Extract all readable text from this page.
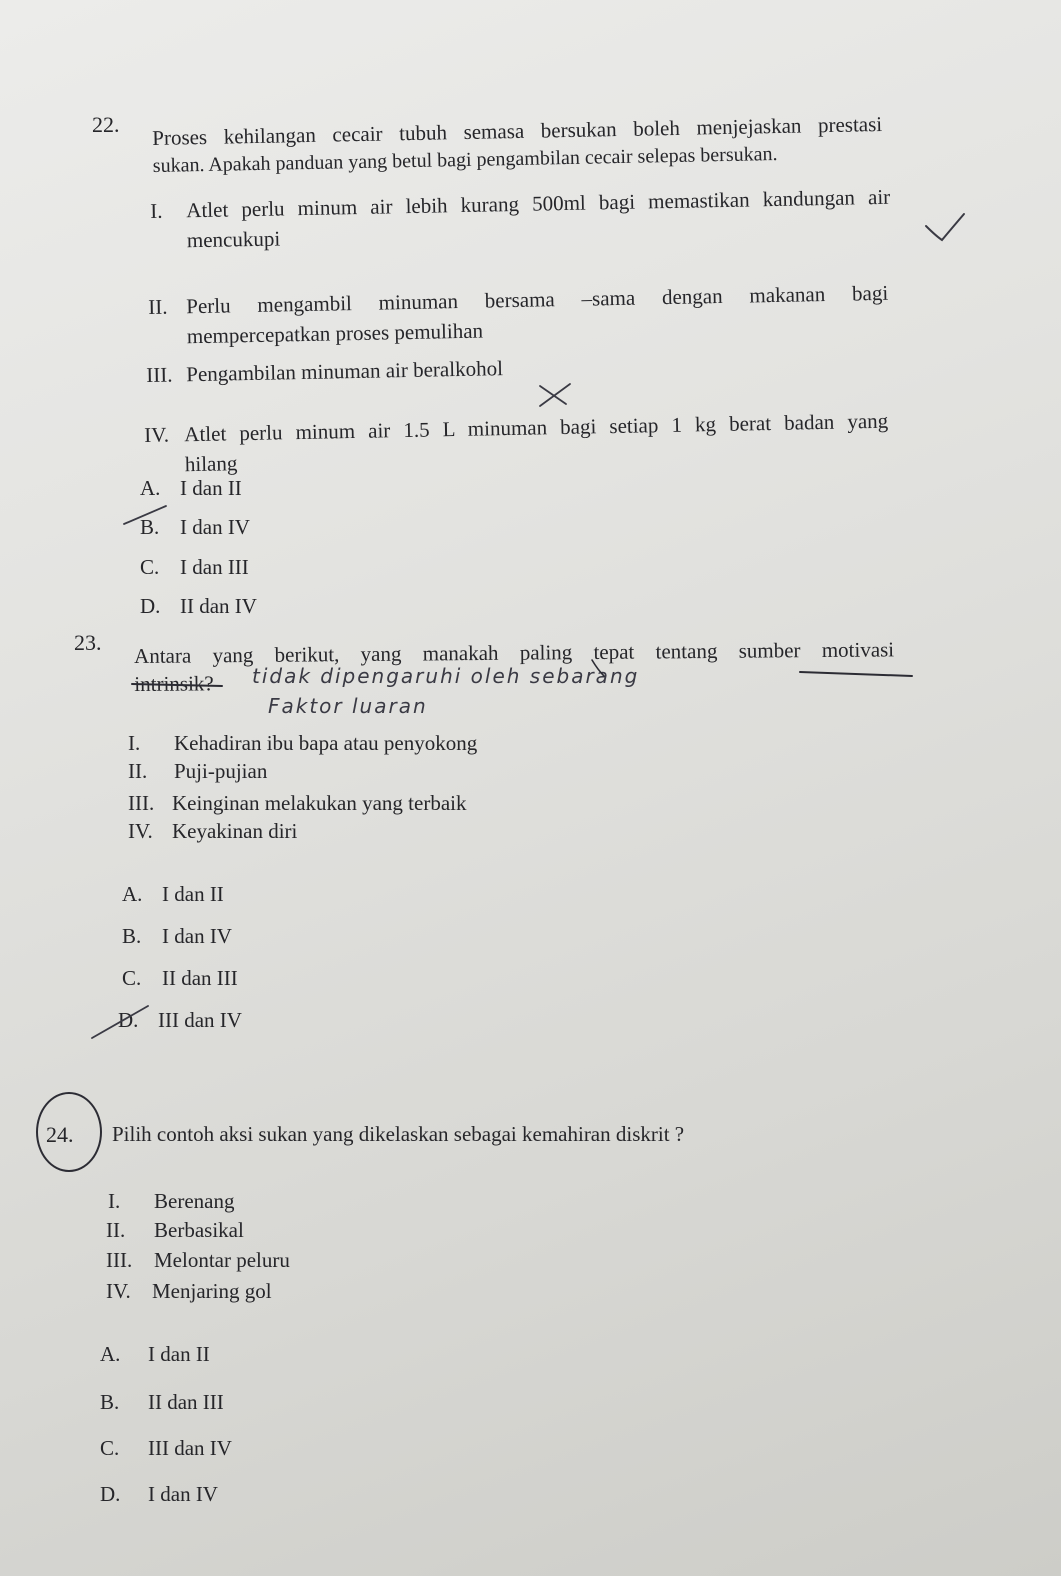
22. Proses kehilangan cecair tubuh semasa bersukan boleh menjejaskan prestasi
sukan. Apakah panduan yang betul bagi pengambilan cecair selepas bersukan.
I. Atlet perlu minum air lebih kurang 500ml bagi memastikan kandungan air
mencukupi
II. Perlu mengambil minuman bersama –sama dengan makanan bagi
mempercepatkan proses pemulihan
III. Pengambilan minuman air beralkohol
IV. Atlet perlu minum air 1.5 L minuman bagi setiap 1 kg berat badan yang
hilang
A. I dan II
B. I dan IV
C. I dan III
D. II dan IV
23. Antara yang berikut, yang manakah paling tepat tentang sumber motivasi
intrinsik?	tidak dipengaruhi oleh sebarang
Faktor luaran
I. Kehadiran ibu bapa atau penyokong
II. Puji-pujian
III. Keinginan melakukan yang terbaik
IV. Keyakinan diri
A. I dan II
B. I dan IV
C. II dan III
D. III dan IV
24. Pilih contoh aksi sukan yang dikelaskan sebagai kemahiran diskrit ?
I. Berenang
II. Berbasikal
III. Melontar peluru
IV. Menjaring gol
A. I dan II
B. II dan III
C. III dan IV
D. I dan IV
